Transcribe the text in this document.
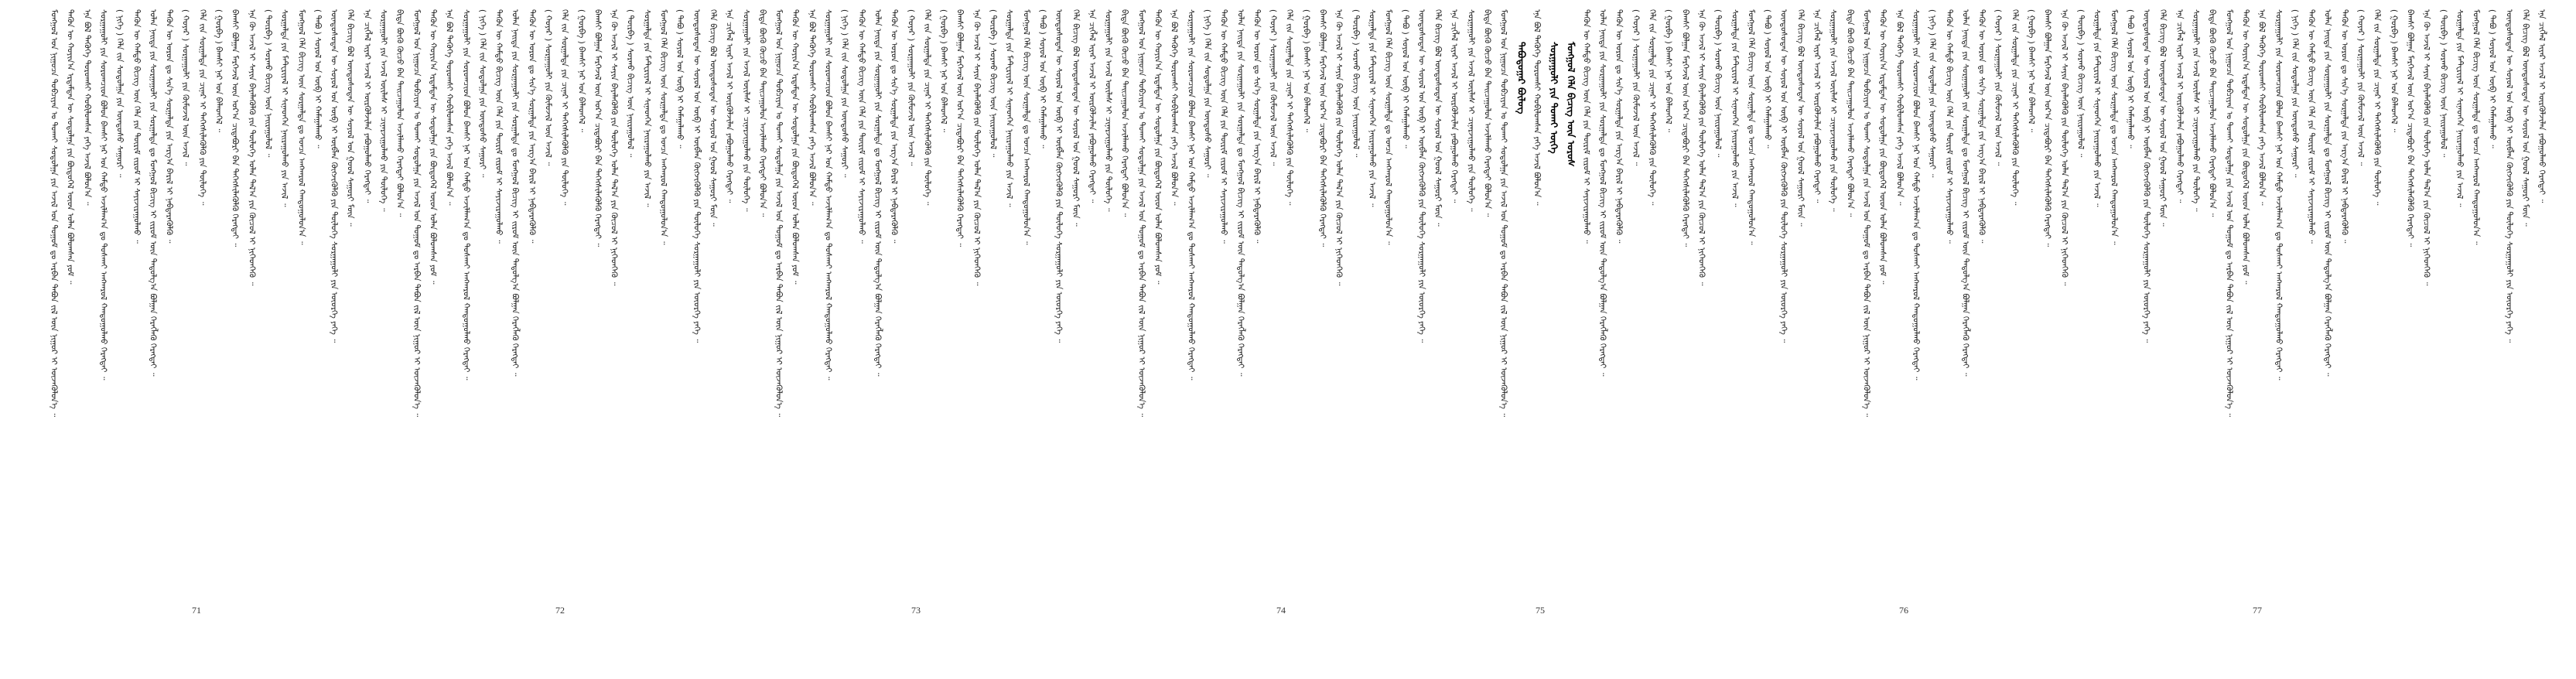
ᠮᠣᠩᠭᠣᠯ ᠤᠨ ᠨᠢᠭᠤᠴᠠ ᠲᠣᠪᠴᠢᠶᠠᠨ ᠤ ᠲᠤᠬᠠᠢ ᠰᠤᠳᠤᠯᠭᠠ ᠶᠢᠨ ᠠᠵᠢᠯ ᠤᠨ ᠲᠤᠭᠤᠮ ᠳᠤ ᠠᠷᠪᠠᠨ ᠲᠠᠪᠤᠨ ᠵᠢᠯ ᠦᠨ ᠨᠢᠭᠤᠷ ᠢ ᠦᠵᠡᠭᠦᠯᠦᠨ᠎ᠡ ᠃ ᠲᠡᠭᠦᠨ ᠦ ᠬᠣᠶᠢᠨ᠎ᠠ ᠡᠷᠳᠡᠮᠲᠡᠨ ᠦ ᠰᠤᠳᠤᠯᠭᠠ ᠶᠢᠨ ᠪᠦᠲᠦᠭᠡᠯ ᠦᠳ ᠣᠯᠠᠨ ᠪᠣᠯᠤᠭᠰᠠᠨ ᠶᠤᠮ ᠃ ᠡᠨᠡ ᠪᠣᠯ ᠲᠡᠭᠦᠬᠡ ᠳᠣᠷᠣᠭᠰᠢ ᠬᠤᠪᠢᠯᠤᠭᠰᠠᠨ ᠶᠡᠬᠡ ᠠᠵᠢᠯ ᠪᠣᠯᠤᠨ᠎ᠠ ᠃ ᠰᠤᠷᠭᠠᠭᠤᠯᠢ ᠶᠢᠨ ᠰᠤᠷᠤᠭᠴᠢᠳ ᠪᠣᠯᠣᠨ ᠪᠠᠭᠰᠢ ᠨᠠᠷ ᠤᠨ ᠬᠠᠮᠲᠤ ᠠᠵᠢᠯᠯᠠᠭ᠎ᠠ ᠳᠤ ᠲᠤᠰᠬᠠᠶ ᠠᠩᠬᠠᠷᠤᠯ ᠬᠠᠨᠳᠤᠭᠤᠯᠬᠤ ᠬᠡᠷᠡᠭᠲᠡᠶ ᠃ ( ᠨᠢᠭᠡ ) ᠬᠡᠯᠡ ᠵᠢᠨ ᠰᠤᠳᠤᠯᠭᠠ ᠶᠢᠨ ᠦᠨᠳᠦᠰᠦ ᠰᠠᠭᠤᠷᠢ ᠃ ᠲᠡᠭᠦᠨ ᠦ ᠬᠠᠮᠲᠤ ᠪᠢᠴᠢᠭ ᠦᠨ ᠬᠡᠯᠡ ᠶᠢᠨ ᠳᠦᠷᠢᠮ ᠵᠢᠷᠤᠮ ᠢ ᠰᠠᠶᠢᠵᠢᠷᠠᠭᠤᠯᠬᠤ ᠃ ᠣᠯᠠᠨ ᠨᠡᠢᠲᠡ ᠶᠢᠨ ᠰᠤᠷᠭᠠᠭᠤᠯᠢ ᠶᠢᠨ ᠰᠤᠷᠭᠠᠯᠲᠠ ᠳᠤ ᠮᠣᠩᠭᠣᠯ ᠪᠢᠴᠢᠭ ᠢ ᠵᠢᠷᠤᠮ ᠦᠨ ᠳᠠᠳᠤᠯᠭ᠎ᠠ ᠪᠣᠯᠭᠠᠨ ᠬᠡᠷᠡᠭᠯᠡᠬᠦ ᠬᠡᠷᠡᠭᠲᠡᠶ ᠃ ᠲᠡᠭᠦᠨ ᠦ ᠣᠷᠣᠨ ᠳᠤ ᠰᠢᠨ᠎ᠡ ᠰᠤᠷᠭᠠᠯᠲᠠ ᠶᠢᠨ ᠠᠷᠭ᠎ᠠ ᠪᠠᠷᠢᠯ ᠢ ᠨᠡᠪᠲᠡᠷᠡᠭᠦᠯᠬᠦ ᠃ ( ᠬᠣᠶᠠᠷ ) ᠰᠤᠷᠭᠠᠭᠤᠯᠢ ᠶᠢᠨ ᠬᠦᠮᠦᠵᠢᠯ ᠦᠨ ᠠᠵᠢᠯ ᠃ ᠬᠡᠯᠡ ᠵᠢᠨ ᠰᠤᠷᠭᠠᠯᠲᠠ ᠶᠢᠨ ᠴᠢᠨᠠᠷ ᠢ ᠳᠡᠭᠡᠭᠰᠢᠯᠡᠭᠦᠯᠬᠦ ᠶᠢᠨ ᠲᠥᠯᠦᠭᠡ ᠃ ( ᠭᠤᠷᠪᠠ ) ᠪᠠᠭᠰᠢ ᠨᠠᠷ ᠤᠨ ᠪᠡᠯᠡᠳᠬᠡᠯ ᠃ ᠪᠠᠭᠰᠢ ᠪᠣᠯᠭᠠᠨ ᠮᠡᠷᠭᠡᠵᠢᠯ ᠦᠨ ᠤᠷ᠎ᠠ ᠴᠢᠳᠠᠪᠤᠷᠢ ᠪᠡᠨ ᠳᠡᠭᠡᠭᠰᠢᠯᠡᠭᠦᠯᠬᠦ ᠬᠡᠷᠡᠭᠲᠡᠶ ᠃ ᠡᠨᠡ ᠬᠦ ᠠᠵᠢᠯ ᠢ ᠰᠠᠶᠢᠨ ᠪᠡᠶᠡᠯᠡᠭᠦᠯᠬᠦ ᠶᠢᠨ ᠲᠥᠯᠦᠭᠡ ᠣᠯᠠᠨ ᠲᠠᠯ᠎ᠠ ᠶᠢᠨ ᠬᠦᠴᠦᠯ ᠢ ᠨᠢᠭᠡᠳᠬᠡᠬᠦ ᠃ ( ᠳᠥᠷᠪᠡ ) ᠰᠤᠷᠬᠤ ᠪᠢᠴᠢᠭ ᠦᠨ ᠨᠠᠢᠷᠠᠭᠤᠯᠤᠯ ᠃ ᠰᠤᠷᠭᠠᠯᠲᠠ ᠶᠢᠨ ᠮᠠᠲ᠋ᠧᠷᠢᠶᠠᠯ ᠢ ᠰᠢᠨᠡᠳᠬᠡᠨ ᠨᠠᠢᠷᠠᠭᠤᠯᠬᠤ ᠶᠢᠨ ᠠᠵᠢᠯ ᠃ ᠮᠣᠩᠭᠣᠯ ᠬᠡᠯᠡ ᠪᠢᠴᠢᠭ ᠦᠨ ᠰᠤᠷᠭᠠᠯᠲᠠ ᠳᠤ ᠣᠨᠴᠠ ᠠᠩᠬᠠᠷᠤᠯ ᠬᠠᠨᠳᠤᠭᠤᠯᠤᠨ᠎ᠠ ᠃ ( ᠲᠠᠪᠤ ) ᠰᠣᠶᠣᠯ ᠤᠨ ᠥᠪ ᠢ ᠬᠠᠮᠠᠭᠠᠯᠠᠬᠤ ᠃ ᠦᠨᠳᠦᠰᠦᠲᠡᠨ ᠦ ᠰᠣᠶᠣᠯ ᠤᠨ ᠥᠪ ᠢ ᠥᠪᠯᠡᠨ ᠬᠥᠭᠵᠢᠭᠦᠯᠬᠦ ᠶᠢᠨ ᠲᠥᠯᠦᠭᠡ ᠰᠤᠷᠭᠠᠭᠤᠯᠢ ᠶᠢᠨ ᠦᠦᠷᠭᠡ ᠶᠡᠬᠡ ᠃ ᠬᠡᠯᠡ ᠪᠢᠴᠢᠭ ᠪᠣᠯ ᠦᠨᠳᠦᠰᠦᠲᠡᠨ ᠦ ᠰᠣᠶᠣᠯ ᠤᠨ ᠭᠣᠤᠯ ᠰᠠᠭᠤᠷᠢ ᠮᠥᠨ ᠃ ᠡᠨᠡ ᠴᠢᠭᠯᠡᠯ ᠢᠶᠡᠷ ᠠᠵᠢᠯ ᠢ ᠦᠷᠭᠦᠯᠵᠢᠯᠡᠨ ᠶᠠᠪᠤᠭᠤᠯᠬᠤ ᠬᠡᠷᠡᠭᠲᠡᠶ ᠃ ᠰᠤᠷᠭᠠᠭᠤᠯᠢ ᠶᠢᠨ ᠠᠵᠢᠯ ᠦᠢᠯᠡᠰ ᠢ ᠴᠢᠨᠠᠷᠵᠢᠭᠤᠯᠬᠤ ᠶᠢᠨ ᠲᠥᠯᠦᠭᠡ ᠃ ᠪᠢᠳᠡ ᠪᠦᠬᠦ ᠬᠦᠴᠦ ᠪᠡᠨ ᠳᠠᠢᠴᠠᠭᠤᠯᠤᠨ ᠠᠵᠢᠯᠯᠠᠬᠤ ᠬᠡᠷᠡᠭᠲᠡᠶ ᠪᠣᠯᠤᠨ᠎ᠠ ᠃ ᠮᠣᠩᠭᠣᠯ ᠤᠨ ᠨᠢᠭᠤᠴᠠ ᠲᠣᠪᠴᠢᠶᠠᠨ ᠤ ᠲᠤᠬᠠᠢ ᠰᠤᠳᠤᠯᠭᠠ ᠶᠢᠨ ᠠᠵᠢᠯ ᠤᠨ ᠲᠤᠭᠤᠮ ᠳᠤ ᠠᠷᠪᠠᠨ ᠲᠠᠪᠤᠨ ᠵᠢᠯ ᠦᠨ ᠨᠢᠭᠤᠷ ᠢ ᠦᠵᠡᠭᠦᠯᠦᠨ᠎ᠡ ᠃ ᠲᠡᠭᠦᠨ ᠦ ᠬᠣᠶᠢᠨ᠎ᠠ ᠡᠷᠳᠡᠮᠲᠡᠨ ᠦ ᠰᠤᠳᠤᠯᠭᠠ ᠶᠢᠨ ᠪᠦᠲᠦᠭᠡᠯ ᠦᠳ ᠣᠯᠠᠨ ᠪᠣᠯᠤᠭᠰᠠᠨ ᠶᠤᠮ ᠃ ᠡᠨᠡ ᠪᠣᠯ ᠲᠡᠭᠦᠬᠡ ᠳᠣᠷᠣᠭᠰᠢ ᠬᠤᠪᠢᠯᠤᠭᠰᠠᠨ ᠶᠡᠬᠡ ᠠᠵᠢᠯ ᠪᠣᠯᠤᠨ᠎ᠠ ᠃ ᠰᠤᠷᠭᠠᠭᠤᠯᠢ ᠶᠢᠨ ᠰᠤᠷᠤᠭᠴᠢᠳ ᠪᠣᠯᠣᠨ ᠪᠠᠭᠰᠢ ᠨᠠᠷ ᠤᠨ ᠬᠠᠮᠲᠤ ᠠᠵᠢᠯᠯᠠᠭ᠎ᠠ ᠳᠤ ᠲᠤᠰᠬᠠᠶ ᠠᠩᠬᠠᠷᠤᠯ ᠬᠠᠨᠳᠤᠭᠤᠯᠬᠤ ᠬᠡᠷᠡᠭᠲᠡᠶ ᠃ ( ᠨᠢᠭᠡ ) ᠬᠡᠯᠡ ᠵᠢᠨ ᠰᠤᠳᠤᠯᠭᠠ ᠶᠢᠨ ᠦᠨᠳᠦᠰᠦ ᠰᠠᠭᠤᠷᠢ ᠃ ᠲᠡᠭᠦᠨ ᠦ ᠬᠠᠮᠲᠤ ᠪᠢᠴᠢᠭ ᠦᠨ ᠬᠡᠯᠡ ᠶᠢᠨ ᠳᠦᠷᠢᠮ ᠵᠢᠷᠤᠮ ᠢ ᠰᠠᠶᠢᠵᠢᠷᠠᠭᠤᠯᠬᠤ ᠃ ᠣᠯᠠᠨ ᠨᠡᠢᠲᠡ ᠶᠢᠨ ᠰᠤᠷᠭᠠᠭᠤᠯᠢ ᠶᠢᠨ ᠰᠤᠷᠭᠠᠯᠲᠠ ᠳᠤ ᠮᠣᠩᠭᠣᠯ ᠪᠢᠴᠢᠭ ᠢ ᠵᠢᠷᠤᠮ ᠦᠨ ᠳᠠᠳᠤᠯᠭ᠎ᠠ ᠪᠣᠯᠭᠠᠨ ᠬᠡᠷᠡᠭᠯᠡᠬᠦ ᠬᠡᠷᠡᠭᠲᠡᠶ ᠃ ᠲᠡᠭᠦᠨ ᠦ ᠣᠷᠣᠨ ᠳᠤ ᠰᠢᠨ᠎ᠡ ᠰᠤᠷᠭᠠᠯᠲᠠ ᠶᠢᠨ ᠠᠷᠭ᠎ᠠ ᠪᠠᠷᠢᠯ ᠢ ᠨᠡᠪᠲᠡᠷᠡᠭᠦᠯᠬᠦ ᠃ ( ᠬᠣᠶᠠᠷ ) ᠰᠤᠷᠭᠠᠭᠤᠯᠢ ᠶᠢᠨ ᠬᠦᠮᠦᠵᠢᠯ ᠦᠨ ᠠᠵᠢᠯ ᠃ ᠬᠡᠯᠡ ᠵᠢᠨ ᠰᠤᠷᠭᠠᠯᠲᠠ ᠶᠢᠨ ᠴᠢᠨᠠᠷ ᠢ ᠳᠡᠭᠡᠭᠰᠢᠯᠡᠭᠦᠯᠬᠦ ᠶᠢᠨ ᠲᠥᠯᠦᠭᠡ ᠃ ( ᠭᠤᠷᠪᠠ ) ᠪᠠᠭᠰᠢ ᠨᠠᠷ ᠤᠨ ᠪᠡᠯᠡᠳᠬᠡᠯ ᠃ ᠪᠠᠭᠰᠢ ᠪᠣᠯᠭᠠᠨ ᠮᠡᠷᠭᠡᠵᠢᠯ ᠦᠨ ᠤᠷ᠎ᠠ ᠴᠢᠳᠠᠪᠤᠷᠢ ᠪᠡᠨ ᠳᠡᠭᠡᠭᠰᠢᠯᠡᠭᠦᠯᠬᠦ ᠬᠡᠷᠡᠭᠲᠡᠶ ᠃ ᠡᠨᠡ ᠬᠦ ᠠᠵᠢᠯ ᠢ ᠰᠠᠶᠢᠨ ᠪᠡᠶᠡᠯᠡᠭᠦᠯᠬᠦ ᠶᠢᠨ ᠲᠥᠯᠦᠭᠡ ᠣᠯᠠᠨ ᠲᠠᠯ᠎ᠠ ᠶᠢᠨ ᠬᠦᠴᠦᠯ ᠢ ᠨᠢᠭᠡᠳᠬᠡᠬᠦ ᠃ ( ᠳᠥᠷᠪᠡ ) ᠰᠤᠷᠬᠤ ᠪᠢᠴᠢᠭ ᠦᠨ ᠨᠠᠢᠷᠠᠭᠤᠯᠤᠯ ᠃ ᠰᠤᠷᠭᠠᠯᠲᠠ ᠶᠢᠨ ᠮᠠᠲ᠋ᠧᠷᠢᠶᠠᠯ ᠢ ᠰᠢᠨᠡᠳᠬᠡᠨ ᠨᠠᠢᠷᠠᠭᠤᠯᠬᠤ ᠶᠢᠨ ᠠᠵᠢᠯ ᠃ ᠮᠣᠩᠭᠣᠯ ᠬᠡᠯᠡ ᠪᠢᠴᠢᠭ ᠦᠨ ᠰᠤᠷᠭᠠᠯᠲᠠ ᠳᠤ ᠣᠨᠴᠠ ᠠᠩᠬᠠᠷᠤᠯ ᠬᠠᠨᠳᠤᠭᠤᠯᠤᠨ᠎ᠠ ᠃ ( ᠲᠠᠪᠤ ) ᠰᠣᠶᠣᠯ ᠤᠨ ᠥᠪ ᠢ ᠬᠠᠮᠠᠭᠠᠯᠠᠬᠤ ᠃ ᠦᠨᠳᠦᠰᠦᠲᠡᠨ ᠦ ᠰᠣᠶᠣᠯ ᠤᠨ ᠥᠪ ᠢ ᠥᠪᠯᠡᠨ ᠬᠥᠭᠵᠢᠭᠦᠯᠬᠦ ᠶᠢᠨ ᠲᠥᠯᠦᠭᠡ ᠰᠤᠷᠭᠠᠭᠤᠯᠢ ᠶᠢᠨ ᠦᠦᠷᠭᠡ ᠶᠡᠬᠡ ᠃ ᠬᠡᠯᠡ ᠪᠢᠴᠢᠭ ᠪᠣᠯ ᠦᠨᠳᠦᠰᠦᠲᠡᠨ ᠦ ᠰᠣᠶᠣᠯ ᠤᠨ ᠭᠣᠤᠯ ᠰᠠᠭᠤᠷᠢ ᠮᠥᠨ ᠃ ᠡᠨᠡ ᠴᠢᠭᠯᠡᠯ ᠢᠶᠡᠷ ᠠᠵᠢᠯ ᠢ ᠦᠷᠭᠦᠯᠵᠢᠯᠡᠨ ᠶᠠᠪᠤᠭᠤᠯᠬᠤ ᠬᠡᠷᠡᠭᠲᠡᠶ ᠃ ᠰᠤᠷᠭᠠᠭᠤᠯᠢ ᠶᠢᠨ ᠠᠵᠢᠯ ᠦᠢᠯᠡᠰ ᠢ ᠴᠢᠨᠠᠷᠵᠢᠭᠤᠯᠬᠤ ᠶᠢᠨ ᠲᠥᠯᠦᠭᠡ ᠃ ᠪᠢᠳᠡ ᠪᠦᠬᠦ ᠬᠦᠴᠦ ᠪᠡᠨ ᠳᠠᠢᠴᠠᠭᠤᠯᠤᠨ ᠠᠵᠢᠯᠯᠠᠬᠤ ᠬᠡᠷᠡᠭᠲᠡᠶ ᠪᠣᠯᠤᠨ᠎ᠠ ᠃ ᠮᠣᠩᠭᠣᠯ ᠤᠨ ᠨᠢᠭᠤᠴᠠ ᠲᠣᠪᠴᠢᠶᠠᠨ ᠤ ᠲᠤᠬᠠᠢ ᠰᠤᠳᠤᠯᠭᠠ ᠶᠢᠨ ᠠᠵᠢᠯ ᠤᠨ ᠲᠤᠭᠤᠮ ᠳᠤ ᠠᠷᠪᠠᠨ ᠲᠠᠪᠤᠨ ᠵᠢᠯ ᠦᠨ ᠨᠢᠭᠤᠷ ᠢ ᠦᠵᠡᠭᠦᠯᠦᠨ᠎ᠡ ᠃ ᠲᠡᠭᠦᠨ ᠦ ᠬᠣᠶᠢᠨ᠎ᠠ ᠡᠷᠳᠡᠮᠲᠡᠨ ᠦ ᠰᠤᠳᠤᠯᠭᠠ ᠶᠢᠨ ᠪᠦᠲᠦᠭᠡᠯ ᠦᠳ ᠣᠯᠠᠨ ᠪᠣᠯᠤᠭᠰᠠᠨ ᠶᠤᠮ ᠃ ᠡᠨᠡ ᠪᠣᠯ ᠲᠡᠭᠦᠬᠡ ᠳᠣᠷᠣᠭᠰᠢ ᠬᠤᠪᠢᠯᠤᠭᠰᠠᠨ ᠶᠡᠬᠡ ᠠᠵᠢᠯ ᠪᠣᠯᠤᠨ᠎ᠠ ᠃ ᠰᠤᠷᠭᠠᠭᠤᠯᠢ ᠶᠢᠨ ᠰᠤᠷᠤᠭᠴᠢᠳ ᠪᠣᠯᠣᠨ ᠪᠠᠭᠰᠢ ᠨᠠᠷ ᠤᠨ ᠬᠠᠮᠲᠤ ᠠᠵᠢᠯᠯᠠᠭ᠎ᠠ ᠳᠤ ᠲᠤᠰᠬᠠᠶ ᠠᠩᠬᠠᠷᠤᠯ ᠬᠠᠨᠳᠤᠭᠤᠯᠬᠤ ᠬᠡᠷᠡᠭᠲᠡᠶ ᠃ ( ᠨᠢᠭᠡ ) ᠬᠡᠯᠡ ᠵᠢᠨ ᠰᠤᠳᠤᠯᠭᠠ ᠶᠢᠨ ᠦᠨᠳᠦᠰᠦ ᠰᠠᠭᠤᠷᠢ ᠃ ᠲᠡᠭᠦᠨ ᠦ ᠬᠠᠮᠲᠤ ᠪᠢᠴᠢᠭ ᠦᠨ ᠬᠡᠯᠡ ᠶᠢᠨ ᠳᠦᠷᠢᠮ ᠵᠢᠷᠤᠮ ᠢ ᠰᠠᠶᠢᠵᠢᠷᠠᠭᠤᠯᠬᠤ ᠃ ᠣᠯᠠᠨ ᠨᠡᠢᠲᠡ ᠶᠢᠨ ᠰᠤᠷᠭᠠᠭᠤᠯᠢ ᠶᠢᠨ ᠰᠤᠷᠭᠠᠯᠲᠠ ᠳᠤ ᠮᠣᠩᠭᠣᠯ ᠪᠢᠴᠢᠭ ᠢ ᠵᠢᠷᠤᠮ ᠦᠨ ᠳᠠᠳᠤᠯᠭ᠎ᠠ ᠪᠣᠯᠭᠠᠨ ᠬᠡᠷᠡᠭᠯᠡᠬᠦ ᠬᠡᠷᠡᠭᠲᠡᠶ ᠃ ᠲᠡᠭᠦᠨ ᠦ ᠣᠷᠣᠨ ᠳᠤ ᠰᠢᠨ᠎ᠡ ᠰᠤᠷᠭᠠᠯᠲᠠ ᠶᠢᠨ ᠠᠷᠭ᠎ᠠ ᠪᠠᠷᠢᠯ ᠢ ᠨᠡᠪᠲᠡᠷᠡᠭᠦᠯᠬᠦ ᠃ ( ᠬᠣᠶᠠᠷ ) ᠰᠤᠷᠭᠠᠭᠤᠯᠢ ᠶᠢᠨ ᠬᠦᠮᠦᠵᠢᠯ ᠦᠨ ᠠᠵᠢᠯ ᠃ ᠬᠡᠯᠡ ᠵᠢᠨ ᠰᠤᠷᠭᠠᠯᠲᠠ ᠶᠢᠨ ᠴᠢᠨᠠᠷ ᠢ ᠳᠡᠭᠡᠭᠰᠢᠯᠡᠭᠦᠯᠬᠦ ᠶᠢᠨ ᠲᠥᠯᠦᠭᠡ ᠃ ( ᠭᠤᠷᠪᠠ ) ᠪᠠᠭᠰᠢ ᠨᠠᠷ ᠤᠨ ᠪᠡᠯᠡᠳᠬᠡᠯ ᠃ ᠪᠠᠭᠰᠢ ᠪᠣᠯᠭᠠᠨ ᠮᠡᠷᠭᠡᠵᠢᠯ ᠦᠨ ᠤᠷ᠎ᠠ ᠴᠢᠳᠠᠪᠤᠷᠢ ᠪᠡᠨ ᠳᠡᠭᠡᠭᠰᠢᠯᠡᠭᠦᠯᠬᠦ ᠬᠡᠷᠡᠭᠲᠡᠶ ᠃ ᠡᠨᠡ ᠬᠦ ᠠᠵᠢᠯ ᠢ ᠰᠠᠶᠢᠨ ᠪᠡᠶᠡᠯᠡᠭᠦᠯᠬᠦ ᠶᠢᠨ ᠲᠥᠯᠦᠭᠡ ᠣᠯᠠᠨ ᠲᠠᠯ᠎ᠠ ᠶᠢᠨ ᠬᠦᠴᠦᠯ ᠢ ᠨᠢᠭᠡᠳᠬᠡᠬᠦ ᠃ ( ᠳᠥᠷᠪᠡ ) ᠰᠤᠷᠬᠤ ᠪᠢᠴᠢᠭ ᠦᠨ ᠨᠠᠢᠷᠠᠭᠤᠯᠤᠯ ᠃ ᠰᠤᠷᠭᠠᠯᠲᠠ ᠶᠢᠨ ᠮᠠᠲ᠋ᠧᠷᠢᠶᠠᠯ ᠢ ᠰᠢᠨᠡᠳᠬᠡᠨ ᠨᠠᠢᠷᠠᠭᠤᠯᠬᠤ ᠶᠢᠨ ᠠᠵᠢᠯ ᠃ ᠮᠣᠩᠭᠣᠯ ᠬᠡᠯᠡ ᠪᠢᠴᠢᠭ ᠦᠨ ᠰᠤᠷᠭᠠᠯᠲᠠ ᠳᠤ ᠣᠨᠴᠠ ᠠᠩᠬᠠᠷᠤᠯ ᠬᠠᠨᠳᠤᠭᠤᠯᠤᠨ᠎ᠠ ᠃ ( ᠲᠠᠪᠤ ) ᠰᠣᠶᠣᠯ ᠤᠨ ᠥᠪ ᠢ ᠬᠠᠮᠠᠭᠠᠯᠠᠬᠤ ᠃ ᠦᠨᠳᠦᠰᠦᠲᠡᠨ ᠦ ᠰᠣᠶᠣᠯ ᠤᠨ ᠥᠪ ᠢ ᠥᠪᠯᠡᠨ ᠬᠥᠭᠵᠢᠭᠦᠯᠬᠦ ᠶᠢᠨ ᠲᠥᠯᠦᠭᠡ ᠰᠤᠷᠭᠠᠭᠤᠯᠢ ᠶᠢᠨ ᠦᠦᠷᠭᠡ ᠶᠡᠬᠡ ᠃ ᠬᠡᠯᠡ ᠪᠢᠴᠢᠭ ᠪᠣᠯ ᠦᠨᠳᠦᠰᠦᠲᠡᠨ ᠦ ᠰᠣᠶᠣᠯ ᠤᠨ ᠭᠣᠤᠯ ᠰᠠᠭᠤᠷᠢ ᠮᠥᠨ ᠃ ᠡᠨᠡ ᠴᠢᠭᠯᠡᠯ ᠢᠶᠡᠷ ᠠᠵᠢᠯ ᠢ ᠦᠷᠭᠦᠯᠵᠢᠯᠡᠨ ᠶᠠᠪᠤᠭᠤᠯᠬᠤ ᠬᠡᠷᠡᠭᠲᠡᠶ ᠃ ᠰᠤᠷᠭᠠᠭᠤᠯᠢ ᠶᠢᠨ ᠠᠵᠢᠯ ᠦᠢᠯᠡᠰ ᠢ ᠴᠢᠨᠠᠷᠵᠢᠭᠤᠯᠬᠤ ᠶᠢᠨ ᠲᠥᠯᠦᠭᠡ ᠃ ᠪᠢᠳᠡ ᠪᠦᠬᠦ ᠬᠦᠴᠦ ᠪᠡᠨ ᠳᠠᠢᠴᠠᠭᠤᠯᠤᠨ ᠠᠵᠢᠯᠯᠠᠬᠤ ᠬᠡᠷᠡᠭᠲᠡᠶ ᠪᠣᠯᠤᠨ᠎ᠠ ᠃ ᠮᠣᠩᠭᠣᠯ ᠤᠨ ᠨᠢᠭᠤᠴᠠ ᠲᠣᠪᠴᠢᠶᠠᠨ ᠤ ᠲᠤᠬᠠᠢ ᠰᠤᠳᠤᠯᠭᠠ ᠶᠢᠨ ᠠᠵᠢᠯ ᠤᠨ ᠲᠤᠭᠤᠮ ᠳᠤ ᠠᠷᠪᠠᠨ ᠲᠠᠪᠤᠨ ᠵᠢᠯ ᠦᠨ ᠨᠢᠭᠤᠷ ᠢ ᠦᠵᠡᠭᠦᠯᠦᠨ᠎ᠡ ᠃ ᠲᠡᠭᠦᠨ ᠦ ᠬᠣᠶᠢᠨ᠎ᠠ ᠡᠷᠳᠡᠮᠲᠡᠨ ᠦ ᠰᠤᠳᠤᠯᠭᠠ ᠶᠢᠨ ᠪᠦᠲᠦᠭᠡᠯ ᠦᠳ ᠣᠯᠠᠨ ᠪᠣᠯᠤᠭᠰᠠᠨ ᠶᠤᠮ ᠃ ᠡᠨᠡ ᠪᠣᠯ ᠲᠡᠭᠦᠬᠡ ᠳᠣᠷᠣᠭᠰᠢ ᠬᠤᠪᠢᠯᠤᠭᠰᠠᠨ ᠶᠡᠬᠡ ᠠᠵᠢᠯ ᠪᠣᠯᠤᠨ᠎ᠠ ᠃ ᠰᠤᠷᠭᠠᠭᠤᠯᠢ ᠶᠢᠨ ᠰᠤᠷᠤᠭᠴᠢᠳ ᠪᠣᠯᠣᠨ ᠪᠠᠭᠰᠢ ᠨᠠᠷ ᠤᠨ ᠬᠠᠮᠲᠤ ᠠᠵᠢᠯᠯᠠᠭ᠎ᠠ ᠳᠤ ᠲᠤᠰᠬᠠᠶ ᠠᠩᠬᠠᠷᠤᠯ ᠬᠠᠨᠳᠤᠭᠤᠯᠬᠤ ᠬᠡᠷᠡᠭᠲᠡᠶ ᠃ ( ᠨᠢᠭᠡ ) ᠬᠡᠯᠡ ᠵᠢᠨ ᠰᠤᠳᠤᠯᠭᠠ ᠶᠢᠨ ᠦᠨᠳᠦᠰᠦ ᠰᠠᠭᠤᠷᠢ ᠃ ᠲᠡᠭᠦᠨ ᠦ ᠬᠠᠮᠲᠤ ᠪᠢᠴᠢᠭ ᠦᠨ ᠬᠡᠯᠡ ᠶᠢᠨ ᠳᠦᠷᠢᠮ ᠵᠢᠷᠤᠮ ᠢ ᠰᠠᠶᠢᠵᠢᠷᠠᠭᠤᠯᠬᠤ ᠃ ᠣᠯᠠᠨ ᠨᠡᠢᠲᠡ ᠶᠢᠨ ᠰᠤᠷᠭᠠᠭᠤᠯᠢ ᠶᠢᠨ ᠰᠤᠷᠭᠠᠯᠲᠠ ᠳᠤ ᠮᠣᠩᠭᠣᠯ ᠪᠢᠴᠢᠭ ᠢ ᠵᠢᠷᠤᠮ ᠦᠨ ᠳᠠᠳᠤᠯᠭ᠎ᠠ ᠪᠣᠯᠭᠠᠨ ᠬᠡᠷᠡᠭᠯᠡᠬᠦ ᠬᠡᠷᠡᠭᠲᠡᠶ ᠃ ᠲᠡᠭᠦᠨ ᠦ ᠣᠷᠣᠨ ᠳᠤ ᠰᠢᠨ᠎ᠡ ᠰᠤᠷᠭᠠᠯᠲᠠ ᠶᠢᠨ ᠠᠷᠭ᠎ᠠ ᠪᠠᠷᠢᠯ ᠢ ᠨᠡᠪᠲᠡᠷᠡᠭᠦᠯᠬᠦ ᠃ ( ᠬᠣᠶᠠᠷ ) ᠰᠤᠷᠭᠠᠭᠤᠯᠢ ᠶᠢᠨ ᠬᠦᠮᠦᠵᠢᠯ ᠦᠨ ᠠᠵᠢᠯ ᠃ ᠬᠡᠯᠡ ᠵᠢᠨ ᠰᠤᠷᠭᠠᠯᠲᠠ ᠶᠢᠨ ᠴᠢᠨᠠᠷ ᠢ ᠳᠡᠭᠡᠭᠰᠢᠯᠡᠭᠦᠯᠬᠦ ᠶᠢᠨ ᠲᠥᠯᠦᠭᠡ ᠃ ( ᠭᠤᠷᠪᠠ ) ᠪᠠᠭᠰᠢ ᠨᠠᠷ ᠤᠨ ᠪᠡᠯᠡᠳᠬᠡᠯ ᠃ ᠪᠠᠭᠰᠢ ᠪᠣᠯᠭᠠᠨ ᠮᠡᠷᠭᠡᠵᠢᠯ ᠦᠨ ᠤᠷ᠎ᠠ ᠴᠢᠳᠠᠪᠤᠷᠢ ᠪᠡᠨ ᠳᠡᠭᠡᠭᠰᠢᠯᠡᠭᠦᠯᠬᠦ ᠬᠡᠷᠡᠭᠲᠡᠶ ᠃ ᠡᠨᠡ ᠬᠦ ᠠᠵᠢᠯ ᠢ ᠰᠠᠶᠢᠨ ᠪᠡᠶᠡᠯᠡᠭᠦᠯᠬᠦ ᠶᠢᠨ ᠲᠥᠯᠦᠭᠡ ᠣᠯᠠᠨ ᠲᠠᠯ᠎ᠠ ᠶᠢᠨ ᠬᠦᠴᠦᠯ ᠢ ᠨᠢᠭᠡᠳᠬᠡᠬᠦ ᠃ ( ᠳᠥᠷᠪᠡ ) ᠰᠤᠷᠬᠤ ᠪᠢᠴᠢᠭ ᠦᠨ ᠨᠠᠢᠷᠠᠭᠤᠯᠤᠯ ᠃ ᠰᠤᠷᠭᠠᠯᠲᠠ ᠶᠢᠨ ᠮᠠᠲ᠋ᠧᠷᠢᠶᠠᠯ ᠢ ᠰᠢᠨᠡᠳᠬᠡᠨ ᠨᠠᠢᠷᠠᠭᠤᠯᠬᠤ ᠶᠢᠨ ᠠᠵᠢᠯ ᠃ ᠮᠣᠩᠭᠣᠯ ᠬᠡᠯᠡ ᠪᠢᠴᠢᠭ ᠦᠨ ᠰᠤᠷᠭᠠᠯᠲᠠ ᠳᠤ ᠣᠨᠴᠠ ᠠᠩᠬᠠᠷᠤᠯ ᠬᠠᠨᠳᠤᠭᠤᠯᠤᠨ᠎ᠠ ᠃ ( ᠲᠠᠪᠤ ) ᠰᠣᠶᠣᠯ ᠤᠨ ᠥᠪ ᠢ ᠬᠠᠮᠠᠭᠠᠯᠠᠬᠤ ᠃ ᠦᠨᠳᠦᠰᠦᠲᠡᠨ ᠦ ᠰᠣᠶᠣᠯ ᠤᠨ ᠥᠪ ᠢ ᠥᠪᠯᠡᠨ ᠬᠥᠭᠵᠢᠭᠦᠯᠬᠦ ᠶᠢᠨ ᠲᠥᠯᠦᠭᠡ ᠰᠤᠷᠭᠠᠭᠤᠯᠢ ᠶᠢᠨ ᠦᠦᠷᠭᠡ ᠶᠡᠬᠡ ᠃ ᠬᠡᠯᠡ ᠪᠢᠴᠢᠭ ᠪᠣᠯ ᠦᠨᠳᠦᠰᠦᠲᠡᠨ ᠦ ᠰᠣᠶᠣᠯ ᠤᠨ ᠭᠣᠤᠯ ᠰᠠᠭᠤᠷᠢ ᠮᠥᠨ ᠃ ᠡᠨᠡ ᠴᠢᠭᠯᠡᠯ ᠢᠶᠡᠷ ᠠᠵᠢᠯ ᠢ ᠦᠷᠭᠦᠯᠵᠢᠯᠡᠨ ᠶᠠᠪᠤᠭᠤᠯᠬᠤ ᠬᠡᠷᠡᠭᠲᠡᠶ ᠃ ᠰᠤᠷᠭᠠᠭᠤᠯᠢ ᠶᠢᠨ ᠠᠵᠢᠯ ᠦᠢᠯᠡᠰ ᠢ ᠴᠢᠨᠠᠷᠵᠢᠭᠤᠯᠬᠤ ᠶᠢᠨ ᠲᠥᠯᠦᠭᠡ ᠃ ᠪᠢᠳᠡ ᠪᠦᠬᠦ ᠬᠦᠴᠦ ᠪᠡᠨ ᠳᠠᠢᠴᠠᠭᠤᠯᠤᠨ ᠠᠵᠢᠯᠯᠠᠬᠤ ᠬᠡᠷᠡᠭᠲᠡᠶ ᠪᠣᠯᠤᠨ᠎ᠠ ᠃ ᠮᠣᠩᠭᠣᠯ ᠤᠨ ᠨᠢᠭᠤᠴᠠ ᠲᠣᠪᠴᠢᠶᠠᠨ ᠤ ᠲᠤᠬᠠᠢ ᠰᠤᠳᠤᠯᠭᠠ ᠶᠢᠨ ᠠᠵᠢᠯ ᠤᠨ ᠲᠤᠭᠤᠮ ᠳᠤ ᠠᠷᠪᠠᠨ ᠲᠠᠪᠤᠨ ᠵᠢᠯ ᠦᠨ ᠨᠢᠭᠤᠷ ᠢ ᠦᠵᠡᠭᠦᠯᠦᠨ᠎ᠡ ᠃ ᠲᠠᠪᠤᠳᠤᠭᠠᠷ ᠪᠦᠯᠦᠭ ᠡᠨᠡ ᠪᠣᠯ ᠲᠡᠭᠦᠬᠡ ᠳᠣᠷᠣᠭᠰᠢ ᠬᠤᠪᠢᠯᠤᠭᠰᠠᠨ ᠶᠡᠬᠡ ᠠᠵᠢᠯ ᠪᠣᠯᠤᠨ᠎ᠠ ᠃ ᠰᠤᠷᠭᠠᠭᠤᠯᠢ ᠶᠢᠨ ᠲᠤᠬᠠᠢ ᠦᠭᠡ ᠮᠣᠩᠭᠣᠯ ᠬᠡᠯᠡ ᠪᠢᠴᠢᠭ ᠦᠨ ᠤᠷᠤᠰ ᠲᠡᠭᠦᠨ ᠦ ᠬᠠᠮᠲᠤ ᠪᠢᠴᠢᠭ ᠦᠨ ᠬᠡᠯᠡ ᠶᠢᠨ ᠳᠦᠷᠢᠮ ᠵᠢᠷᠤᠮ ᠢ ᠰᠠᠶᠢᠵᠢᠷᠠᠭᠤᠯᠬᠤ ᠃ ᠣᠯᠠᠨ ᠨᠡᠢᠲᠡ ᠶᠢᠨ ᠰᠤᠷᠭᠠᠭᠤᠯᠢ ᠶᠢᠨ ᠰᠤᠷᠭᠠᠯᠲᠠ ᠳᠤ ᠮᠣᠩᠭᠣᠯ ᠪᠢᠴᠢᠭ ᠢ ᠵᠢᠷᠤᠮ ᠦᠨ ᠳᠠᠳᠤᠯᠭ᠎ᠠ ᠪᠣᠯᠭᠠᠨ ᠬᠡᠷᠡᠭᠯᠡᠬᠦ ᠬᠡᠷᠡᠭᠲᠡᠶ ᠃ ᠲᠡᠭᠦᠨ ᠦ ᠣᠷᠣᠨ ᠳᠤ ᠰᠢᠨ᠎ᠡ ᠰᠤᠷᠭᠠᠯᠲᠠ ᠶᠢᠨ ᠠᠷᠭ᠎ᠠ ᠪᠠᠷᠢᠯ ᠢ ᠨᠡᠪᠲᠡᠷᠡᠭᠦᠯᠬᠦ ᠃ ( ᠬᠣᠶᠠᠷ ) ᠰᠤᠷᠭᠠᠭᠤᠯᠢ ᠶᠢᠨ ᠬᠦᠮᠦᠵᠢᠯ ᠦᠨ ᠠᠵᠢᠯ ᠃ ᠬᠡᠯᠡ ᠵᠢᠨ ᠰᠤᠷᠭᠠᠯᠲᠠ ᠶᠢᠨ ᠴᠢᠨᠠᠷ ᠢ ᠳᠡᠭᠡᠭᠰᠢᠯᠡᠭᠦᠯᠬᠦ ᠶᠢᠨ ᠲᠥᠯᠦᠭᠡ ᠃ ( ᠭᠤᠷᠪᠠ ) ᠪᠠᠭᠰᠢ ᠨᠠᠷ ᠤᠨ ᠪᠡᠯᠡᠳᠬᠡᠯ ᠃ ᠪᠠᠭᠰᠢ ᠪᠣᠯᠭᠠᠨ ᠮᠡᠷᠭᠡᠵᠢᠯ ᠦᠨ ᠤᠷ᠎ᠠ ᠴᠢᠳᠠᠪᠤᠷᠢ ᠪᠡᠨ ᠳᠡᠭᠡᠭᠰᠢᠯᠡᠭᠦᠯᠬᠦ ᠬᠡᠷᠡᠭᠲᠡᠶ ᠃ ᠡᠨᠡ ᠬᠦ ᠠᠵᠢᠯ ᠢ ᠰᠠᠶᠢᠨ ᠪᠡᠶᠡᠯᠡᠭᠦᠯᠬᠦ ᠶᠢᠨ ᠲᠥᠯᠦᠭᠡ ᠣᠯᠠᠨ ᠲᠠᠯ᠎ᠠ ᠶᠢᠨ ᠬᠦᠴᠦᠯ ᠢ ᠨᠢᠭᠡᠳᠬᠡᠬᠦ ᠃ ( ᠳᠥᠷᠪᠡ ) ᠰᠤᠷᠬᠤ ᠪᠢᠴᠢᠭ ᠦᠨ ᠨᠠᠢᠷᠠᠭᠤᠯᠤᠯ ᠃ ᠰᠤᠷᠭᠠᠯᠲᠠ ᠶᠢᠨ ᠮᠠᠲ᠋ᠧᠷᠢᠶᠠᠯ ᠢ ᠰᠢᠨᠡᠳᠬᠡᠨ ᠨᠠᠢᠷᠠᠭᠤᠯᠬᠤ ᠶᠢᠨ ᠠᠵᠢᠯ ᠃ ᠮᠣᠩᠭᠣᠯ ᠬᠡᠯᠡ ᠪᠢᠴᠢᠭ ᠦᠨ ᠰᠤᠷᠭᠠᠯᠲᠠ ᠳᠤ ᠣᠨᠴᠠ ᠠᠩᠬᠠᠷᠤᠯ ᠬᠠᠨᠳᠤᠭᠤᠯᠤᠨ᠎ᠠ ᠃ ( ᠲᠠᠪᠤ ) ᠰᠣᠶᠣᠯ ᠤᠨ ᠥᠪ ᠢ ᠬᠠᠮᠠᠭᠠᠯᠠᠬᠤ ᠃ ᠦᠨᠳᠦᠰᠦᠲᠡᠨ ᠦ ᠰᠣᠶᠣᠯ ᠤᠨ ᠥᠪ ᠢ ᠥᠪᠯᠡᠨ ᠬᠥᠭᠵᠢᠭᠦᠯᠬᠦ ᠶᠢᠨ ᠲᠥᠯᠦᠭᠡ ᠰᠤᠷᠭᠠᠭᠤᠯᠢ ᠶᠢᠨ ᠦᠦᠷᠭᠡ ᠶᠡᠬᠡ ᠃ ᠬᠡᠯᠡ ᠪᠢᠴᠢᠭ ᠪᠣᠯ ᠦᠨᠳᠦᠰᠦᠲᠡᠨ ᠦ ᠰᠣᠶᠣᠯ ᠤᠨ ᠭᠣᠤᠯ ᠰᠠᠭᠤᠷᠢ ᠮᠥᠨ ᠃ ᠡᠨᠡ ᠴᠢᠭᠯᠡᠯ ᠢᠶᠡᠷ ᠠᠵᠢᠯ ᠢ ᠦᠷᠭᠦᠯᠵᠢᠯᠡᠨ ᠶᠠᠪᠤᠭᠤᠯᠬᠤ ᠬᠡᠷᠡᠭᠲᠡᠶ ᠃ ᠰᠤᠷᠭᠠᠭᠤᠯᠢ ᠶᠢᠨ ᠠᠵᠢᠯ ᠦᠢᠯᠡᠰ ᠢ ᠴᠢᠨᠠᠷᠵᠢᠭᠤᠯᠬᠤ ᠶᠢᠨ ᠲᠥᠯᠦᠭᠡ ᠃ ᠪᠢᠳᠡ ᠪᠦᠬᠦ ᠬᠦᠴᠦ ᠪᠡᠨ ᠳᠠᠢᠴᠠᠭᠤᠯᠤᠨ ᠠᠵᠢᠯᠯᠠᠬᠤ ᠬᠡᠷᠡᠭᠲᠡᠶ ᠪᠣᠯᠤᠨ᠎ᠠ ᠃ ᠮᠣᠩᠭᠣᠯ ᠤᠨ ᠨᠢᠭᠤᠴᠠ ᠲᠣᠪᠴᠢᠶᠠᠨ ᠤ ᠲᠤᠬᠠᠢ ᠰᠤᠳᠤᠯᠭᠠ ᠶᠢᠨ ᠠᠵᠢᠯ ᠤᠨ ᠲᠤᠭᠤᠮ ᠳᠤ ᠠᠷᠪᠠᠨ ᠲᠠᠪᠤᠨ ᠵᠢᠯ ᠦᠨ ᠨᠢᠭᠤᠷ ᠢ ᠦᠵᠡᠭᠦᠯᠦᠨ᠎ᠡ ᠃ ᠲᠡᠭᠦᠨ ᠦ ᠬᠣᠶᠢᠨ᠎ᠠ ᠡᠷᠳᠡᠮᠲᠡᠨ ᠦ ᠰᠤᠳᠤᠯᠭᠠ ᠶᠢᠨ ᠪᠦᠲᠦᠭᠡᠯ ᠦᠳ ᠣᠯᠠᠨ ᠪᠣᠯᠤᠭᠰᠠᠨ ᠶᠤᠮ ᠃ ᠡᠨᠡ ᠪᠣᠯ ᠲᠡᠭᠦᠬᠡ ᠳᠣᠷᠣᠭᠰᠢ ᠬᠤᠪᠢᠯᠤᠭᠰᠠᠨ ᠶᠡᠬᠡ ᠠᠵᠢᠯ ᠪᠣᠯᠤᠨ᠎ᠠ ᠃ ᠰᠤᠷᠭᠠᠭᠤᠯᠢ ᠶᠢᠨ ᠰᠤᠷᠤᠭᠴᠢᠳ ᠪᠣᠯᠣᠨ ᠪᠠᠭᠰᠢ ᠨᠠᠷ ᠤᠨ ᠬᠠᠮᠲᠤ ᠠᠵᠢᠯᠯᠠᠭ᠎ᠠ ᠳᠤ ᠲᠤᠰᠬᠠᠶ ᠠᠩᠬᠠᠷᠤᠯ ᠬᠠᠨᠳᠤᠭᠤᠯᠬᠤ ᠬᠡᠷᠡᠭᠲᠡᠶ ᠃ ( ᠨᠢᠭᠡ ) ᠬᠡᠯᠡ ᠵᠢᠨ ᠰᠤᠳᠤᠯᠭᠠ ᠶᠢᠨ ᠦᠨᠳᠦᠰᠦ ᠰᠠᠭᠤᠷᠢ ᠃ ᠲᠡᠭᠦᠨ ᠦ ᠬᠠᠮᠲᠤ ᠪᠢᠴᠢᠭ ᠦᠨ ᠬᠡᠯᠡ ᠶᠢᠨ ᠳᠦᠷᠢᠮ ᠵᠢᠷᠤᠮ ᠢ ᠰᠠᠶᠢᠵᠢᠷᠠᠭᠤᠯᠬᠤ ᠃ ᠣᠯᠠᠨ ᠨᠡᠢᠲᠡ ᠶᠢᠨ ᠰᠤᠷᠭᠠᠭᠤᠯᠢ ᠶᠢᠨ ᠰᠤᠷᠭᠠᠯᠲᠠ ᠳᠤ ᠮᠣᠩᠭᠣᠯ ᠪᠢᠴᠢᠭ ᠢ ᠵᠢᠷᠤᠮ ᠦᠨ ᠳᠠᠳᠤᠯᠭ᠎ᠠ ᠪᠣᠯᠭᠠᠨ ᠬᠡᠷᠡᠭᠯᠡᠬᠦ ᠬᠡᠷᠡᠭᠲᠡᠶ ᠃ ᠲᠡᠭᠦᠨ ᠦ ᠣᠷᠣᠨ ᠳᠤ ᠰᠢᠨ᠎ᠡ ᠰᠤᠷᠭᠠᠯᠲᠠ ᠶᠢᠨ ᠠᠷᠭ᠎ᠠ ᠪᠠᠷᠢᠯ ᠢ ᠨᠡᠪᠲᠡᠷᠡᠭᠦᠯᠬᠦ ᠃ ( ᠬᠣᠶᠠᠷ ) ᠰᠤᠷᠭᠠᠭᠤᠯᠢ ᠶᠢᠨ ᠬᠦᠮᠦᠵᠢᠯ ᠦᠨ ᠠᠵᠢᠯ ᠃ ᠬᠡᠯᠡ ᠵᠢᠨ ᠰᠤᠷᠭᠠᠯᠲᠠ ᠶᠢᠨ ᠴᠢᠨᠠᠷ ᠢ ᠳᠡᠭᠡᠭᠰᠢᠯᠡᠭᠦᠯᠬᠦ ᠶᠢᠨ ᠲᠥᠯᠦᠭᠡ ᠃ ( ᠭᠤᠷᠪᠠ ) ᠪᠠᠭᠰᠢ ᠨᠠᠷ ᠤᠨ ᠪᠡᠯᠡᠳᠬᠡᠯ ᠃ ᠪᠠᠭᠰᠢ ᠪᠣᠯᠭᠠᠨ ᠮᠡᠷᠭᠡᠵᠢᠯ ᠦᠨ ᠤᠷ᠎ᠠ ᠴᠢᠳᠠᠪᠤᠷᠢ ᠪᠡᠨ ᠳᠡᠭᠡᠭᠰᠢᠯᠡᠭᠦᠯᠬᠦ ᠬᠡᠷᠡᠭᠲᠡᠶ ᠃ ᠡᠨᠡ ᠬᠦ ᠠᠵᠢᠯ ᠢ ᠰᠠᠶᠢᠨ ᠪᠡᠶᠡᠯᠡᠭᠦᠯᠬᠦ ᠶᠢᠨ ᠲᠥᠯᠦᠭᠡ ᠣᠯᠠᠨ ᠲᠠᠯ᠎ᠠ ᠶᠢᠨ ᠬᠦᠴᠦᠯ ᠢ ᠨᠢᠭᠡᠳᠬᠡᠬᠦ ᠃ ( ᠳᠥᠷᠪᠡ ) ᠰᠤᠷᠬᠤ ᠪᠢᠴᠢᠭ ᠦᠨ ᠨᠠᠢᠷᠠᠭᠤᠯᠤᠯ ᠃ ᠰᠤᠷᠭᠠᠯᠲᠠ ᠶᠢᠨ ᠮᠠᠲ᠋ᠧᠷᠢᠶᠠᠯ ᠢ ᠰᠢᠨᠡᠳᠬᠡᠨ ᠨᠠᠢᠷᠠᠭᠤᠯᠬᠤ ᠶᠢᠨ ᠠᠵᠢᠯ ᠃ ᠮᠣᠩᠭᠣᠯ ᠬᠡᠯᠡ ᠪᠢᠴᠢᠭ ᠦᠨ ᠰᠤᠷᠭᠠᠯᠲᠠ ᠳᠤ ᠣᠨᠴᠠ ᠠᠩᠬᠠᠷᠤᠯ ᠬᠠᠨᠳᠤᠭᠤᠯᠤᠨ᠎ᠠ ᠃ ( ᠲᠠᠪᠤ ) ᠰᠣᠶᠣᠯ ᠤᠨ ᠥᠪ ᠢ ᠬᠠᠮᠠᠭᠠᠯᠠᠬᠤ ᠃ ᠦᠨᠳᠦᠰᠦᠲᠡᠨ ᠦ ᠰᠣᠶᠣᠯ ᠤᠨ ᠥᠪ ᠢ ᠥᠪᠯᠡᠨ ᠬᠥᠭᠵᠢᠭᠦᠯᠬᠦ ᠶᠢᠨ ᠲᠥᠯᠦᠭᠡ ᠰᠤᠷᠭᠠᠭᠤᠯᠢ ᠶᠢᠨ ᠦᠦᠷᠭᠡ ᠶᠡᠬᠡ ᠃ ᠬᠡᠯᠡ ᠪᠢᠴᠢᠭ ᠪᠣᠯ ᠦᠨᠳᠦᠰᠦᠲᠡᠨ ᠦ ᠰᠣᠶᠣᠯ ᠤᠨ ᠭᠣᠤᠯ ᠰᠠᠭᠤᠷᠢ ᠮᠥᠨ ᠃ ᠡᠨᠡ ᠴᠢᠭᠯᠡᠯ ᠢᠶᠡᠷ ᠠᠵᠢᠯ ᠢ ᠦᠷᠭᠦᠯᠵᠢᠯᠡᠨ ᠶᠠᠪᠤᠭᠤᠯᠬᠤ ᠬᠡᠷᠡᠭᠲᠡᠶ ᠃ ᠰᠤᠷᠭᠠᠭᠤᠯᠢ ᠶᠢᠨ ᠠᠵᠢᠯ ᠦᠢᠯᠡᠰ ᠢ ᠴᠢᠨᠠᠷᠵᠢᠭᠤᠯᠬᠤ ᠶᠢᠨ ᠲᠥᠯᠦᠭᠡ ᠃ ᠪᠢᠳᠡ ᠪᠦᠬᠦ ᠬᠦᠴᠦ ᠪᠡᠨ ᠳᠠᠢᠴᠠᠭᠤᠯᠤᠨ ᠠᠵᠢᠯᠯᠠᠬᠤ ᠬᠡᠷᠡᠭᠲᠡᠶ ᠪᠣᠯᠤᠨ᠎ᠠ ᠃ ᠮᠣᠩᠭᠣᠯ ᠤᠨ ᠨᠢᠭᠤᠴᠠ ᠲᠣᠪᠴᠢᠶᠠᠨ ᠤ ᠲᠤᠬᠠᠢ ᠰᠤᠳᠤᠯᠭᠠ ᠶᠢᠨ ᠠᠵᠢᠯ ᠤᠨ ᠲᠤᠭᠤᠮ ᠳᠤ ᠠᠷᠪᠠᠨ ᠲᠠᠪᠤᠨ ᠵᠢᠯ ᠦᠨ ᠨᠢᠭᠤᠷ ᠢ ᠦᠵᠡᠭᠦᠯᠦᠨ᠎ᠡ ᠃ ᠲᠡᠭᠦᠨ ᠦ ᠬᠣᠶᠢᠨ᠎ᠠ ᠡᠷᠳᠡᠮᠲᠡᠨ ᠦ ᠰᠤᠳᠤᠯᠭᠠ ᠶᠢᠨ ᠪᠦᠲᠦᠭᠡᠯ ᠦᠳ ᠣᠯᠠᠨ ᠪᠣᠯᠤᠭᠰᠠᠨ ᠶᠤᠮ ᠃ ᠡᠨᠡ ᠪᠣᠯ ᠲᠡᠭᠦᠬᠡ ᠳᠣᠷᠣᠭᠰᠢ ᠬᠤᠪᠢᠯᠤᠭᠰᠠᠨ ᠶᠡᠬᠡ ᠠᠵᠢᠯ ᠪᠣᠯᠤᠨ᠎ᠠ ᠃ ᠰᠤᠷᠭᠠᠭᠤᠯᠢ ᠶᠢᠨ ᠰᠤᠷᠤᠭᠴᠢᠳ ᠪᠣᠯᠣᠨ ᠪᠠᠭᠰᠢ ᠨᠠᠷ ᠤᠨ ᠬᠠᠮᠲᠤ ᠠᠵᠢᠯᠯᠠᠭ᠎ᠠ ᠳᠤ ᠲᠤᠰᠬᠠᠶ ᠠᠩᠬᠠᠷᠤᠯ ᠬᠠᠨᠳᠤᠭᠤᠯᠬᠤ ᠬᠡᠷᠡᠭᠲᠡᠶ ᠃ ( ᠨᠢᠭᠡ ) ᠬᠡᠯᠡ ᠵᠢᠨ ᠰᠤᠳᠤᠯᠭᠠ ᠶᠢᠨ ᠦᠨᠳᠦᠰᠦ ᠰᠠᠭᠤᠷᠢ ᠃ ᠲᠡᠭᠦᠨ ᠦ ᠬᠠᠮᠲᠤ ᠪᠢᠴᠢᠭ ᠦᠨ ᠬᠡᠯᠡ ᠶᠢᠨ ᠳᠦᠷᠢᠮ ᠵᠢᠷᠤᠮ ᠢ ᠰᠠᠶᠢᠵᠢᠷᠠᠭᠤᠯᠬᠤ ᠃ ᠣᠯᠠᠨ ᠨᠡᠢᠲᠡ ᠶᠢᠨ ᠰᠤᠷᠭᠠᠭᠤᠯᠢ ᠶᠢᠨ ᠰᠤᠷᠭᠠᠯᠲᠠ ᠳᠤ ᠮᠣᠩᠭᠣᠯ ᠪᠢᠴᠢᠭ ᠢ ᠵᠢᠷᠤᠮ ᠦᠨ ᠳᠠᠳᠤᠯᠭ᠎ᠠ ᠪᠣᠯᠭᠠᠨ ᠬᠡᠷᠡᠭᠯᠡᠬᠦ ᠬᠡᠷᠡᠭᠲᠡᠶ ᠃ ᠲᠡᠭᠦᠨ ᠦ ᠣᠷᠣᠨ ᠳᠤ ᠰᠢᠨ᠎ᠡ ᠰᠤᠷᠭᠠᠯᠲᠠ ᠶᠢᠨ ᠠᠷᠭ᠎ᠠ ᠪᠠᠷᠢᠯ ᠢ ᠨᠡᠪᠲᠡᠷᠡᠭᠦᠯᠬᠦ ᠃ ( ᠬᠣᠶᠠᠷ ) ᠰᠤᠷᠭᠠᠭᠤᠯᠢ ᠶᠢᠨ ᠬᠦᠮᠦᠵᠢᠯ ᠦᠨ ᠠᠵᠢᠯ ᠃ ᠬᠡᠯᠡ ᠵᠢᠨ ᠰᠤᠷᠭᠠᠯᠲᠠ ᠶᠢᠨ ᠴᠢᠨᠠᠷ ᠢ ᠳᠡᠭᠡᠭᠰᠢᠯᠡᠭᠦᠯᠬᠦ ᠶᠢᠨ ᠲᠥᠯᠦᠭᠡ ᠃ ( ᠭᠤᠷᠪᠠ ) ᠪᠠᠭᠰᠢ ᠨᠠᠷ ᠤᠨ ᠪᠡᠯᠡᠳᠬᠡᠯ ᠃ ᠪᠠᠭᠰᠢ ᠪᠣᠯᠭᠠᠨ ᠮᠡᠷᠭᠡᠵᠢᠯ ᠦᠨ ᠤᠷ᠎ᠠ ᠴᠢᠳᠠᠪᠤᠷᠢ ᠪᠡᠨ ᠳᠡᠭᠡᠭᠰᠢᠯᠡᠭᠦᠯᠬᠦ ᠬᠡᠷᠡᠭᠲᠡᠶ ᠃ ᠡᠨᠡ ᠬᠦ ᠠᠵᠢᠯ ᠢ ᠰᠠᠶᠢᠨ ᠪᠡᠶᠡᠯᠡᠭᠦᠯᠬᠦ ᠶᠢᠨ ᠲᠥᠯᠦᠭᠡ ᠣᠯᠠᠨ ᠲᠠᠯ᠎ᠠ ᠶᠢᠨ ᠬᠦᠴᠦᠯ ᠢ ᠨᠢᠭᠡᠳᠬᠡᠬᠦ ᠃ ( ᠳᠥᠷᠪᠡ ) ᠰᠤᠷᠬᠤ ᠪᠢᠴᠢᠭ ᠦᠨ ᠨᠠᠢᠷᠠᠭᠤᠯᠤᠯ ᠃ ᠰᠤᠷᠭᠠᠯᠲᠠ ᠶᠢᠨ ᠮᠠᠲ᠋ᠧᠷᠢᠶᠠᠯ ᠢ ᠰᠢᠨᠡᠳᠬᠡᠨ ᠨᠠᠢᠷᠠᠭᠤᠯᠬᠤ ᠶᠢᠨ ᠠᠵᠢᠯ ᠃ ᠮᠣᠩᠭᠣᠯ ᠬᠡᠯᠡ ᠪᠢᠴᠢᠭ ᠦᠨ ᠰᠤᠷᠭᠠᠯᠲᠠ ᠳᠤ ᠣᠨᠴᠠ ᠠᠩᠬᠠᠷᠤᠯ ᠬᠠᠨᠳᠤᠭᠤᠯᠤᠨ᠎ᠠ ᠃ ( ᠲᠠᠪᠤ ) ᠰᠣᠶᠣᠯ ᠤᠨ ᠥᠪ ᠢ ᠬᠠᠮᠠᠭᠠᠯᠠᠬᠤ ᠃ ᠦᠨᠳᠦᠰᠦᠲᠡᠨ ᠦ ᠰᠣᠶᠣᠯ ᠤᠨ ᠥᠪ ᠢ ᠥᠪᠯᠡᠨ ᠬᠥᠭᠵᠢᠭᠦᠯᠬᠦ ᠶᠢᠨ ᠲᠥᠯᠦᠭᠡ ᠰᠤᠷᠭᠠᠭᠤᠯᠢ ᠶᠢᠨ ᠦᠦᠷᠭᠡ ᠶᠡᠬᠡ ᠃ ᠬᠡᠯᠡ ᠪᠢᠴᠢᠭ ᠪᠣᠯ ᠦᠨᠳᠦᠰᠦᠲᠡᠨ ᠦ ᠰᠣᠶᠣᠯ ᠤᠨ ᠭᠣᠤᠯ ᠰᠠᠭᠤᠷᠢ ᠮᠥᠨ ᠃ ᠡᠨᠡ ᠴᠢᠭᠯᠡᠯ ᠢᠶᠡᠷ ᠠᠵᠢᠯ ᠢ ᠦᠷᠭᠦᠯᠵᠢᠯᠡᠨ ᠶᠠᠪᠤᠭᠤᠯᠬᠤ ᠬᠡᠷᠡᠭᠲᠡᠶ ᠃
71	72	73	74	75	76	77
